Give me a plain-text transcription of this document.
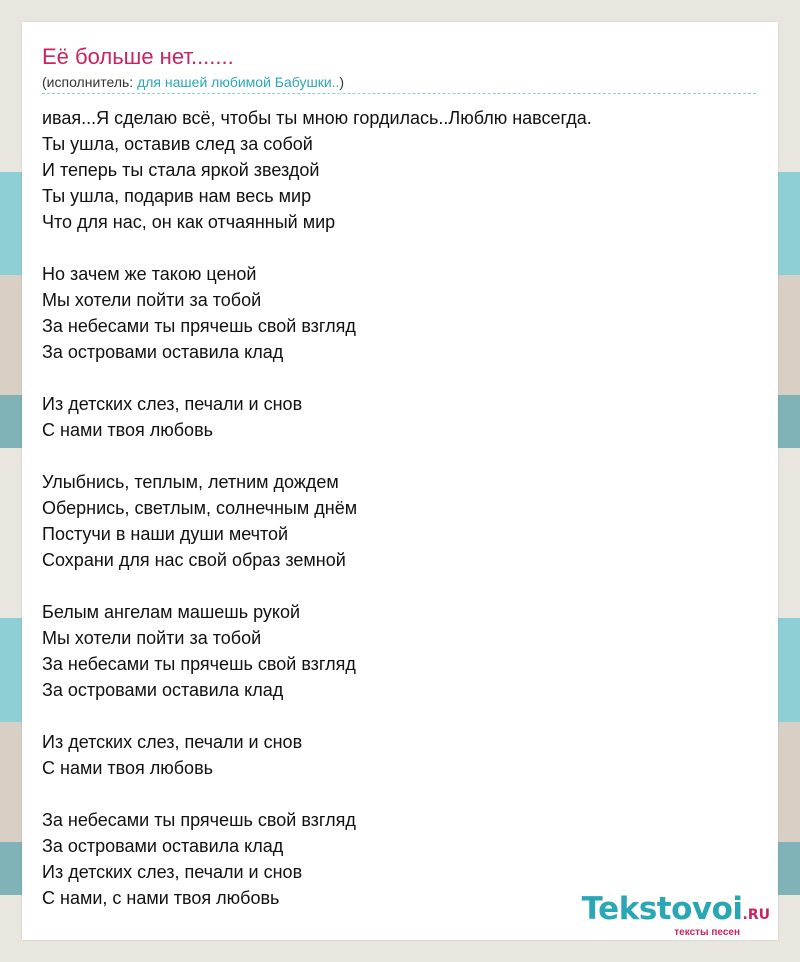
Её больше нет.......
(исполнитель: для нашей любимой Бабушки..)
ивая...Я сделаю всё, чтобы ты мною гордилась..Люблю навсегда.
Ты ушла, оставив след за собой
И теперь ты стала яркой звездой
Ты ушла, подарив нам весь мир
Что для нас, он как отчаянный мир
Но зачем же такою ценой
Мы хотели пойти за тобой
За небесами ты прячешь свой взгляд
За островами оставила клад
Из детских слез, печали и снов
С нами твоя любовь
Улыбнись, теплым, летним дождем
Обернись, светлым, солнечным днём
Постучи в наши души мечтой
Сохрани для нас свой образ земной
Белым ангелам машешь рукой
Мы хотели пойти за тобой
За небесами ты прячешь свой взгляд
За островами оставила клад
Из детских слез, печали и снов
С нами твоя любовь
За небесами ты прячешь свой взгляд
За островами оставила клад
Из детских слез, печали и снов
С нами, с нами твоя любовь	Tekstovoi.RU
тексты песен
